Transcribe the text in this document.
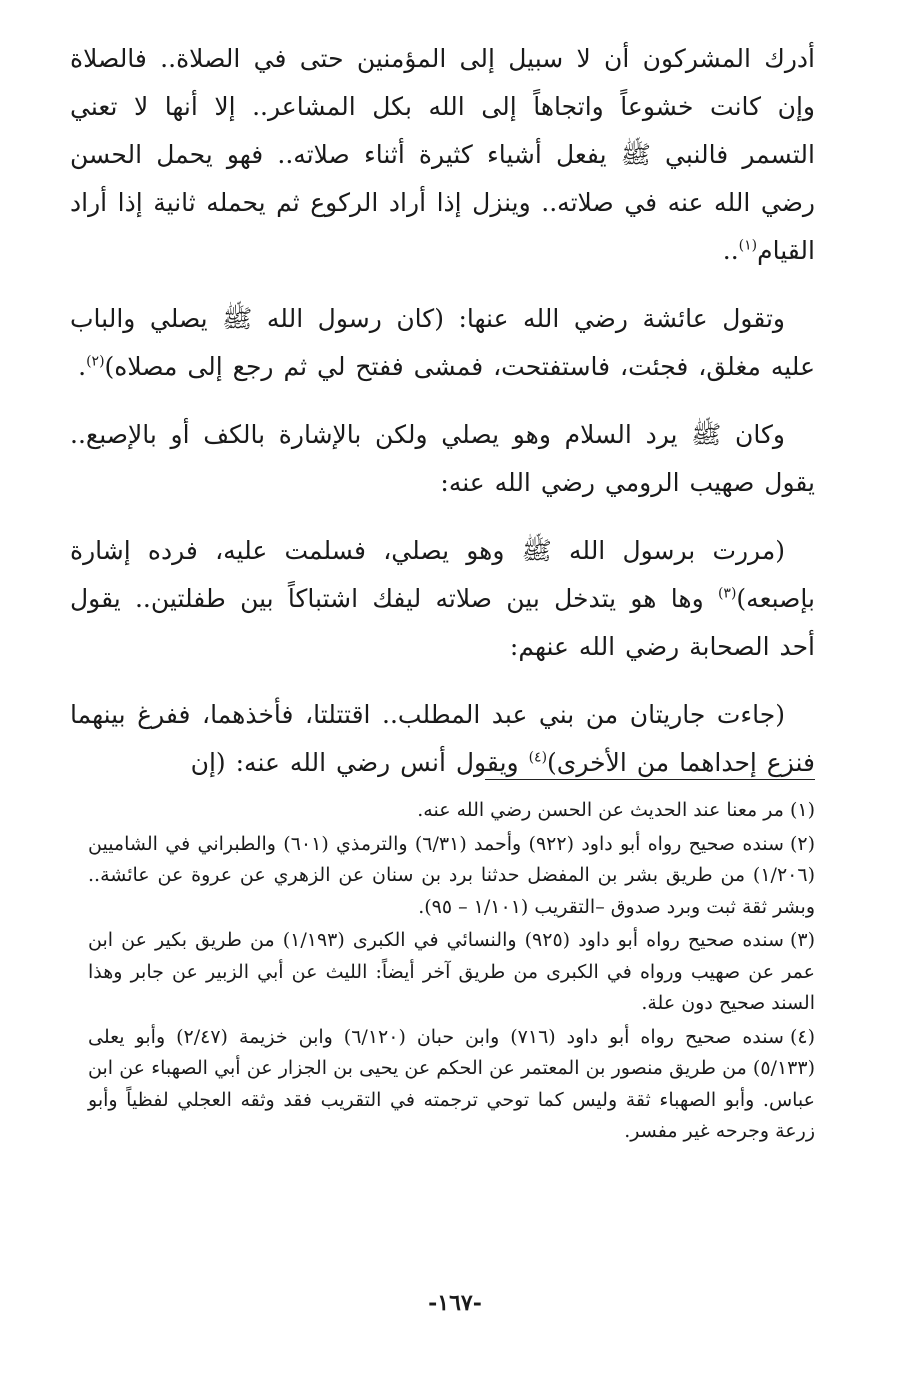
أدرك المشركون أن لا سبيل إلى المؤمنين حتى في الصلاة.. فالصلاة وإن كانت خشوعاً واتجاهاً إلى الله بكل المشاعر.. إلا أنها لا تعني التسمر فالنبي ﷺ يفعل أشياء كثيرة أثناء صلاته.. فهو يحمل الحسن رضي الله عنه في صلاته.. وينزل إذا أراد الركوع ثم يحمله ثانية إذا أراد القيام$^{(١)}$..

وتقول عائشة رضي الله عنها: (كان رسول الله ﷺ يصلي والباب عليه مغلق، فجئت، فاستفتحت، فمشى ففتح لي ثم رجع إلى مصلاه)$^{(٢)}$.

وكان ﷺ يرد السلام وهو يصلي ولكن بالإشارة بالكف أو بالإصبع.. يقول صهيب الرومي رضي الله عنه:

(مررت برسول الله ﷺ وهو يصلي، فسلمت عليه، فرده إشارة بإصبعه)$^{(٣)}$ وها هو يتدخل بين صلاته ليفك اشتباكاً بين طفلتين.. يقول أحد الصحابة رضي الله عنهم:

(جاءت جاريتان من بني عبد المطلب.. اقتتلتا، فأخذهما، ففرغ بينهما فنزع إحداهما من الأخرى)$^{(٤)}$ ويقول أنس رضي الله عنه: (إن

(١)مر معنا عند الحديث عن الحسن رضي الله عنه.

(٢)سنده صحيح رواه أبو داود (٩٢٢) وأحمد (٦/٣١) والترمذي (٦٠١) والطبراني في الشاميين (١/٢٠٦) من طريق بشر بن المفضل حدثنا برد بن سنان عن الزهري عن عروة عن عائشة.. وبشر ثقة ثبت وبرد صدوق –التقريب (١/١٠١ – ٩٥).

(٣)سنده صحيح رواه أبو داود (٩٢٥) والنسائي في الكبرى (١/١٩٣) من طريق بكير عن ابن عمر عن صهيب ورواه في الكبرى من طريق آخر أيضاً: الليث عن أبي الزبير عن جابر وهذا السند صحيح دون علة.

(٤)سنده صحيح رواه أبو داود (٧١٦) وابن حبان (٦/١٢٠) وابن خزيمة (٢/٤٧) وأبو يعلى (٥/١٣٣) من طريق منصور بن المعتمر عن الحكم عن يحيى بن الجزار عن أبي الصهباء عن ابن عباس. وأبو الصهباء ثقة وليس كما توحي ترجمته في التقريب فقد وثقه العجلي لفظياً وأبو زرعة وجرحه غير مفسر.

-١٦٧-
